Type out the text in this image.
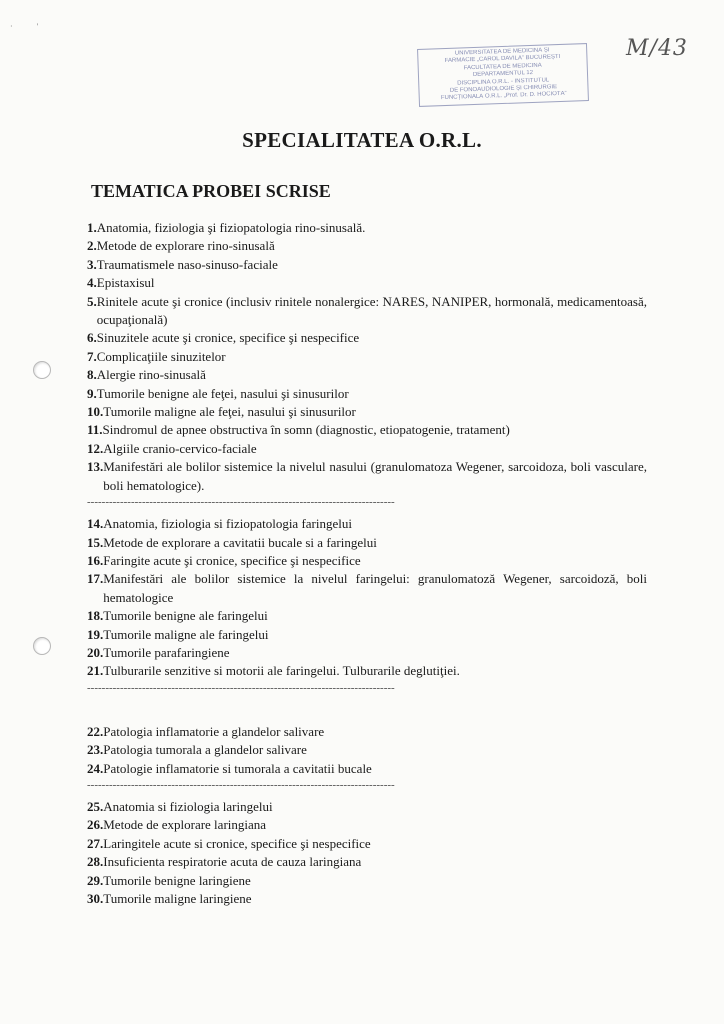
·            '
UNIVERSITATEA DE MEDICINĂ ȘI
FARMACIE „CAROL DAVILA” BUCUREȘTI
FACULTATEA DE MEDICINĂ
DEPARTAMENTUL 12
DISCIPLINA O.R.L. - INSTITUTUL
DE FONOAUDIOLOGIE ȘI CHIRURGIE
FUNCȚIONALĂ O.R.L. „Prof. Dr. D. HOCIOTĂ”
M/43
SPECIALITATEA O.R.L.
TEMATICA PROBEI SCRISE
1. Anatomia, fiziologia şi fiziopatologia rino-sinusală.
2. Metode de explorare rino-sinusală
3. Traumatismele naso-sinuso-faciale
4. Epistaxisul
5. Rinitele acute şi cronice (inclusiv rinitele nonalergice: NARES, NANIPER, hormonală, medicamentoasă, ocupaţională)
6. Sinuzitele acute şi cronice, specifice şi nespecifice
7. Complicaţiile sinuzitelor
8. Alergie rino-sinusală
9. Tumorile benigne ale feţei, nasului şi sinusurilor
10. Tumorile maligne ale feţei, nasului şi sinusurilor
11. Sindromul de apnee obstructiva în somn (diagnostic, etiopatogenie, tratament)
12. Algiile cranio-cervico-faciale
13. Manifestări ale bolilor sistemice la nivelul nasului (granulomatoza Wegener, sarcoidoza, boli vasculare, boli hematologice).
------------------------------------------------------------------------------------
14. Anatomia, fiziologia si fiziopatologia faringelui
15. Metode de explorare a cavitatii bucale si a faringelui
16. Faringite acute şi cronice, specifice şi nespecifice
17. Manifestări ale bolilor sistemice la nivelul faringelui: granulomatoză Wegener, sarcoidoză, boli hematologice
18. Tumorile benigne ale faringelui
19. Tumorile maligne ale faringelui
20. Tumorile parafaringiene
21. Tulburarile senzitive si motorii ale faringelui. Tulburarile deglutiţiei.
------------------------------------------------------------------------------------
22. Patologia inflamatorie a glandelor salivare
23. Patologia tumorala a glandelor salivare
24. Patologie inflamatorie si tumorala a cavitatii bucale
------------------------------------------------------------------------------------
25. Anatomia si fiziologia laringelui
26. Metode de explorare laringiana
27. Laringitele acute si cronice, specifice şi nespecifice
28. Insuficienta respiratorie acuta de cauza laringiana
29. Tumorile benigne laringiene
30. Tumorile maligne laringiene
